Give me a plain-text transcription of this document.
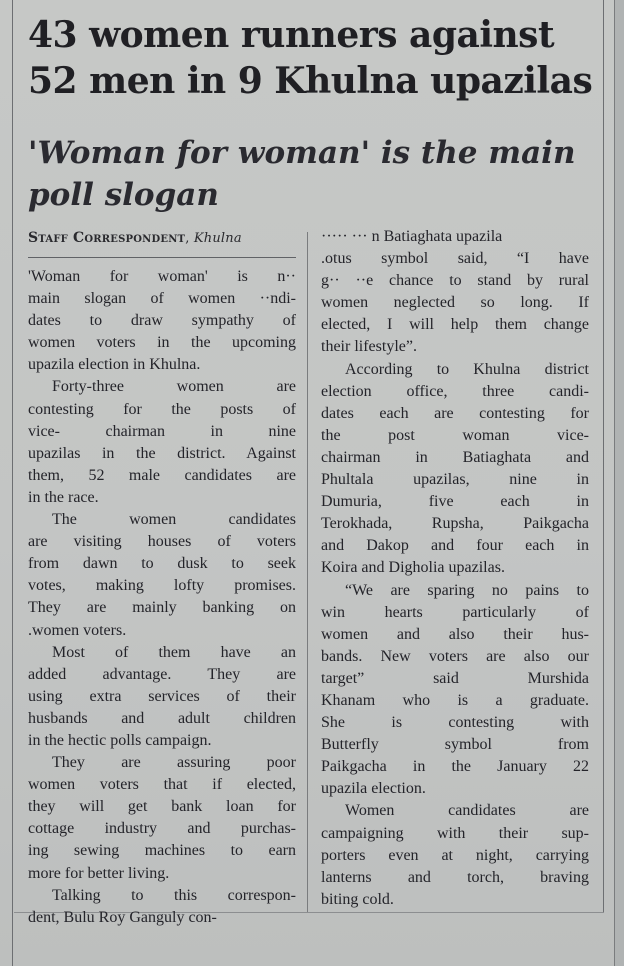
43 women runners against
52 men in 9 Khulna upazilas
'Woman for woman' is the main
poll slogan
Staff Correspondent, Khulna
'Woman for woman' is n··
main slogan of women ··ndi-
dates to draw sympathy of
women voters in the upcoming
upazila election in Khulna.
Forty-three women are
contesting for the posts of
vice- chairman in nine
upazilas in the district. Against
them, 52 male candidates are
in the race.
The women candidates
are visiting houses of voters
from dawn to dusk to seek
votes, making lofty promises.
They are mainly banking on
.women voters.
Most of them have an
added advantage. They are
using extra services of their
husbands and adult children
in the hectic polls campaign.
They are assuring poor
women voters that if elected,
they will get bank loan for
cottage industry and purchas-
ing sewing machines to earn
more for better living.
Talking to this correspon-
dent, Bulu Roy Ganguly con-
····· ··· n Batiaghata upazila
.otus symbol said, “I have
g·· ··e chance to stand by rural
women neglected so long. If
elected, I will help them change
their lifestyle”.
According to Khulna district
election office, three candi-
dates each are contesting for
the post woman vice-
chairman in Batiaghata and
Phultala upazilas, nine in
Dumuria, five each in
Terokhada, Rupsha, Paikgacha
and Dakop and four each in
Koira and Digholia upazilas.
“We are sparing no pains to
win hearts particularly of
women and also their hus-
bands. New voters are also our
target” said Murshida
Khanam who is a graduate.
She is contesting with
Butterfly symbol from
Paikgacha in the January 22
upazila election.
Women candidates are
campaigning with their sup-
porters even at night, carrying
lanterns and torch, braving
biting cold.
